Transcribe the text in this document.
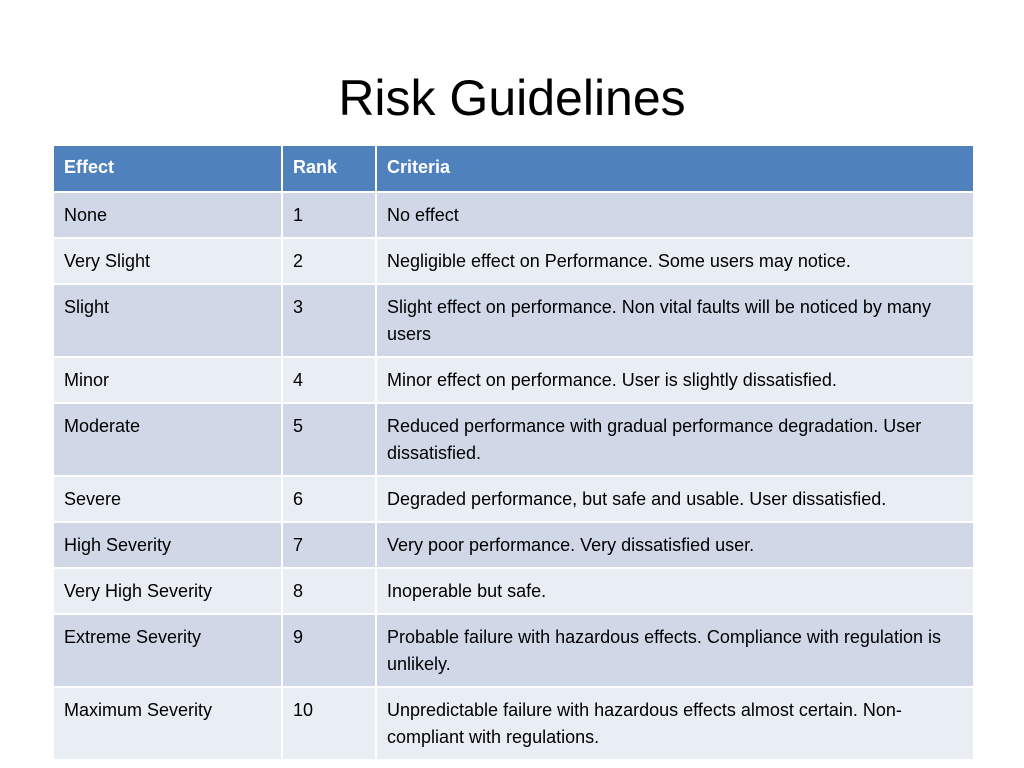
Risk Guidelines
Effect	Rank	Criteria
None	1	No effect
Very Slight	2	Negligible effect on Performance. Some users may notice.
Slight	3	Slight effect on performance. Non vital faults will be noticed by many users
Minor	4	Minor effect on performance. User is slightly dissatisfied.
Moderate	5	Reduced performance with gradual performance degradation. User dissatisfied.
Severe	6	Degraded performance, but safe and usable. User dissatisfied.
High Severity	7	Very poor performance. Very dissatisfied user.
Very High Severity	8	Inoperable but safe.
Extreme Severity	9	Probable failure with hazardous effects. Compliance with regulation is unlikely.
Maximum Severity	10	Unpredictable failure with hazardous effects almost certain. Non-compliant with regulations.
